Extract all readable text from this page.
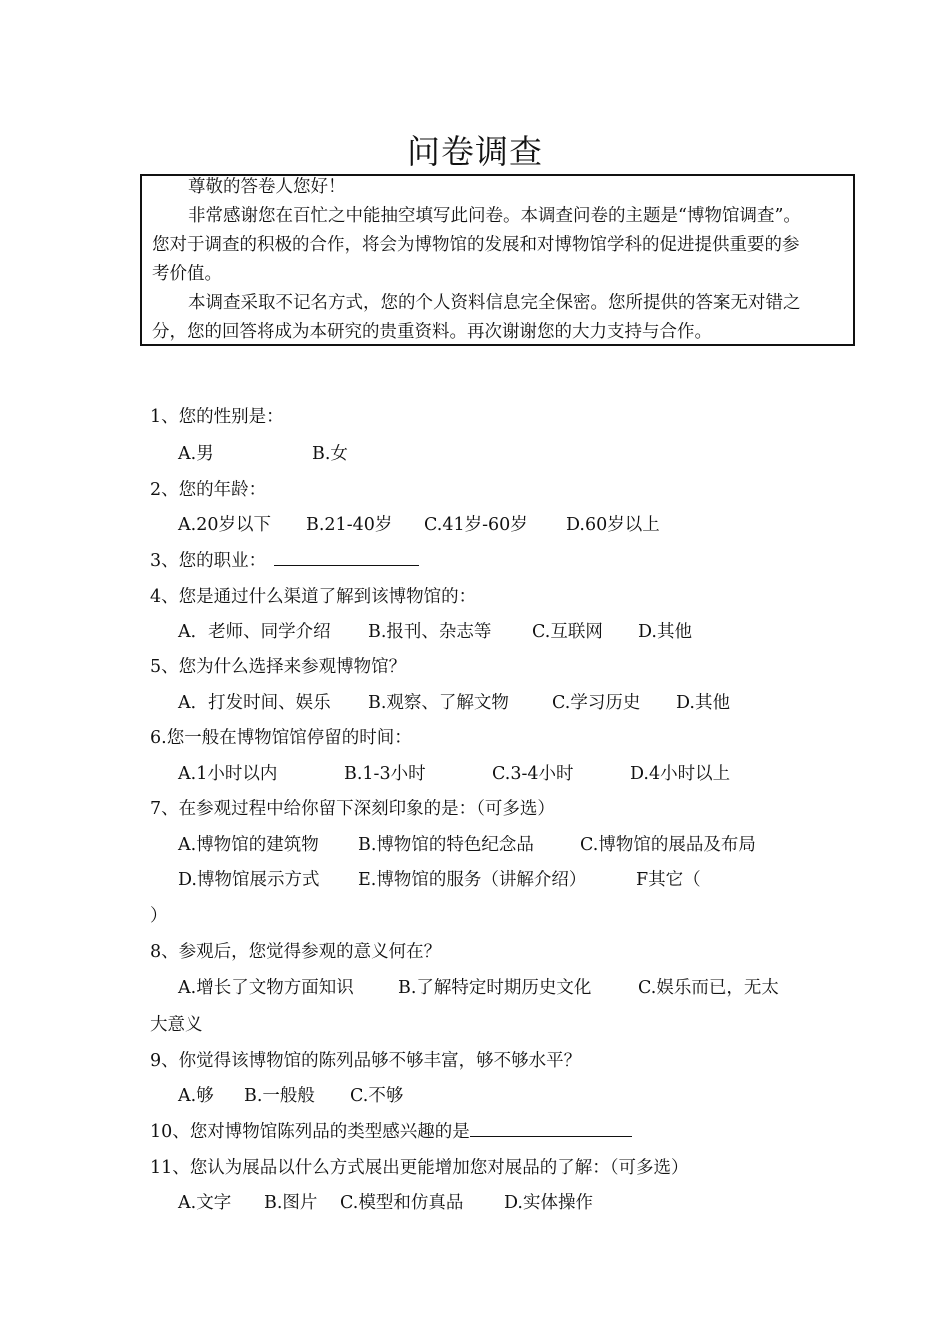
问卷调查

尊敬的答卷人您好！

非常感谢您在百忙之中能抽空填写此问卷。本调查问卷的主题是“博物馆调查”。您对于调查的积极的合作，将会为博物馆的发展和对博物馆学科的促进提供重要的参考价值。

本调查采取不记名方式，您的个人资料信息完全保密。您所提供的答案无对错之分，您的回答将成为本研究的贵重资料。再次谢谢您的大力支持与合作。

1、您的性别是：
A.男	B.女
2、您的年龄：
A.20岁以下 B.21-40岁 C.41岁-60岁 D.60岁以上
3、您的职业：
4、您是通过什么渠道了解到该博物馆的：
A．老师、同学介绍 B.报刊、杂志等 C.互联网 D.其他
5、您为什么选择来参观博物馆？
A．打发时间、娱乐 B.观察、了解文物 C.学习历史 D.其他
6.您一般在博物馆馆停留的时间：
A.1小时以内	B.1-3小时	C.3-4小时	D.4小时以上
7、在参观过程中给你留下深刻印象的是：（可多选）
A.博物馆的建筑物 B.博物馆的特色纪念品	C.博物馆的展品及布局
D.博物馆展示方式 E.博物馆的服务（讲解介绍）	F其它（
）
8、参观后，您觉得参观的意义何在？
A.增长了文物方面知识	B.了解特定时期历史文化	C.娱乐而已，无太
大意义
9、你觉得该博物馆的陈列品够不够丰富，够不够水平？
A.够 B.一般般 C.不够
10、您对博物馆陈列品的类型感兴趣的是
11、您认为展品以什么方式展出更能增加您对展品的了解：（可多选）
A.文字 B.图片 C.模型和仿真品 D.实体操作
